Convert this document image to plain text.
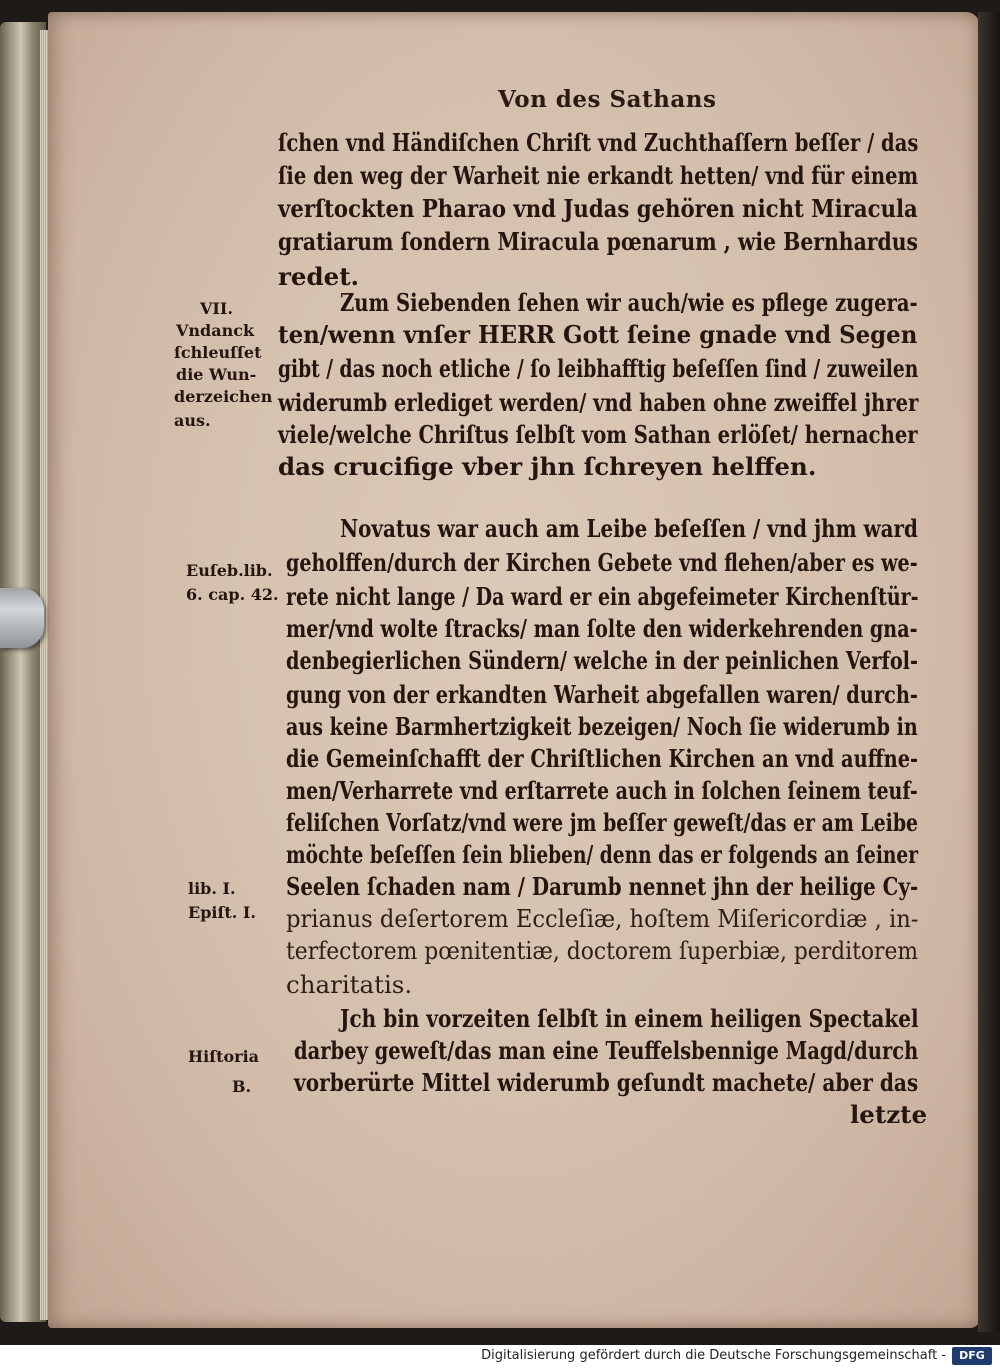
Von des Sathans
ſchen vnd Händiſchen Chriſt vnd Zuchthaſſern beſſer / das
ſie den weg der Warheit nie erkandt hetten/ vnd für einem
verſtockten Pharao vnd Judas gehören nicht Miracula
gratiarum ſondern Miracula pœnarum , wie Bernhardus
redet.
Zum Siebenden ſehen wir auch/wie es pflege zugera-
ten/wenn vnſer HERR Gott ſeine gnade vnd Segen
gibt / das noch etliche / ſo leibhafftig beſeſſen ſind / zuweilen
widerumb erlediget werden/ vnd haben ohne zweiffel jhrer
viele/welche Chriſtus ſelbſt vom Sathan erlöſet/ hernacher
das crucifige vber jhn ſchreyen helffen.
Novatus war auch am Leibe beſeſſen / vnd jhm ward
geholffen/durch der Kirchen Gebete vnd flehen/aber es we-
rete nicht lange / Da ward er ein abgefeimeter Kirchenſtür-
mer/vnd wolte ſtracks/ man ſolte den widerkehrenden gna-
denbegierlichen Sündern/ welche in der peinlichen Verfol-
gung von der erkandten Warheit abgefallen waren/ durch-
aus keine Barmhertzigkeit bezeigen/ Noch ſie widerumb in
die Gemeinſchafft der Chriſtlichen Kirchen an vnd auffne-
men/Verharrete vnd erſtarrete auch in ſolchen ſeinem teuf-
feliſchen Vorſatz/vnd were jm beſſer geweſt/das er am Leibe
möchte beſeſſen ſein blieben/ denn das er folgends an ſeiner
Seelen ſchaden nam / Darumb nennet jhn der heilige Cy-
prianus deſertorem Eccleſiæ, hoſtem Miſericordiæ , in-
terfectorem pœnitentiæ, doctorem ſuperbiæ, perditorem
charitatis.
Jch bin vorzeiten ſelbſt in einem heiligen Spectakel
darbey geweſt/das man eine Teuffelsbennige Magd/durch
vorberürte Mittel widerumb geſundt machete/ aber das
letzte
VII.
Vndanck
ſchleuſſet
die Wun-
derzeichen
aus.
Euſeb.lib.
6. cap. 42.
lib. I.
Epiſt. I.
Hiſtoria
B.
Digitalisierung gefördert durch die Deutsche Forschungsgemeinschaft -	DFG
